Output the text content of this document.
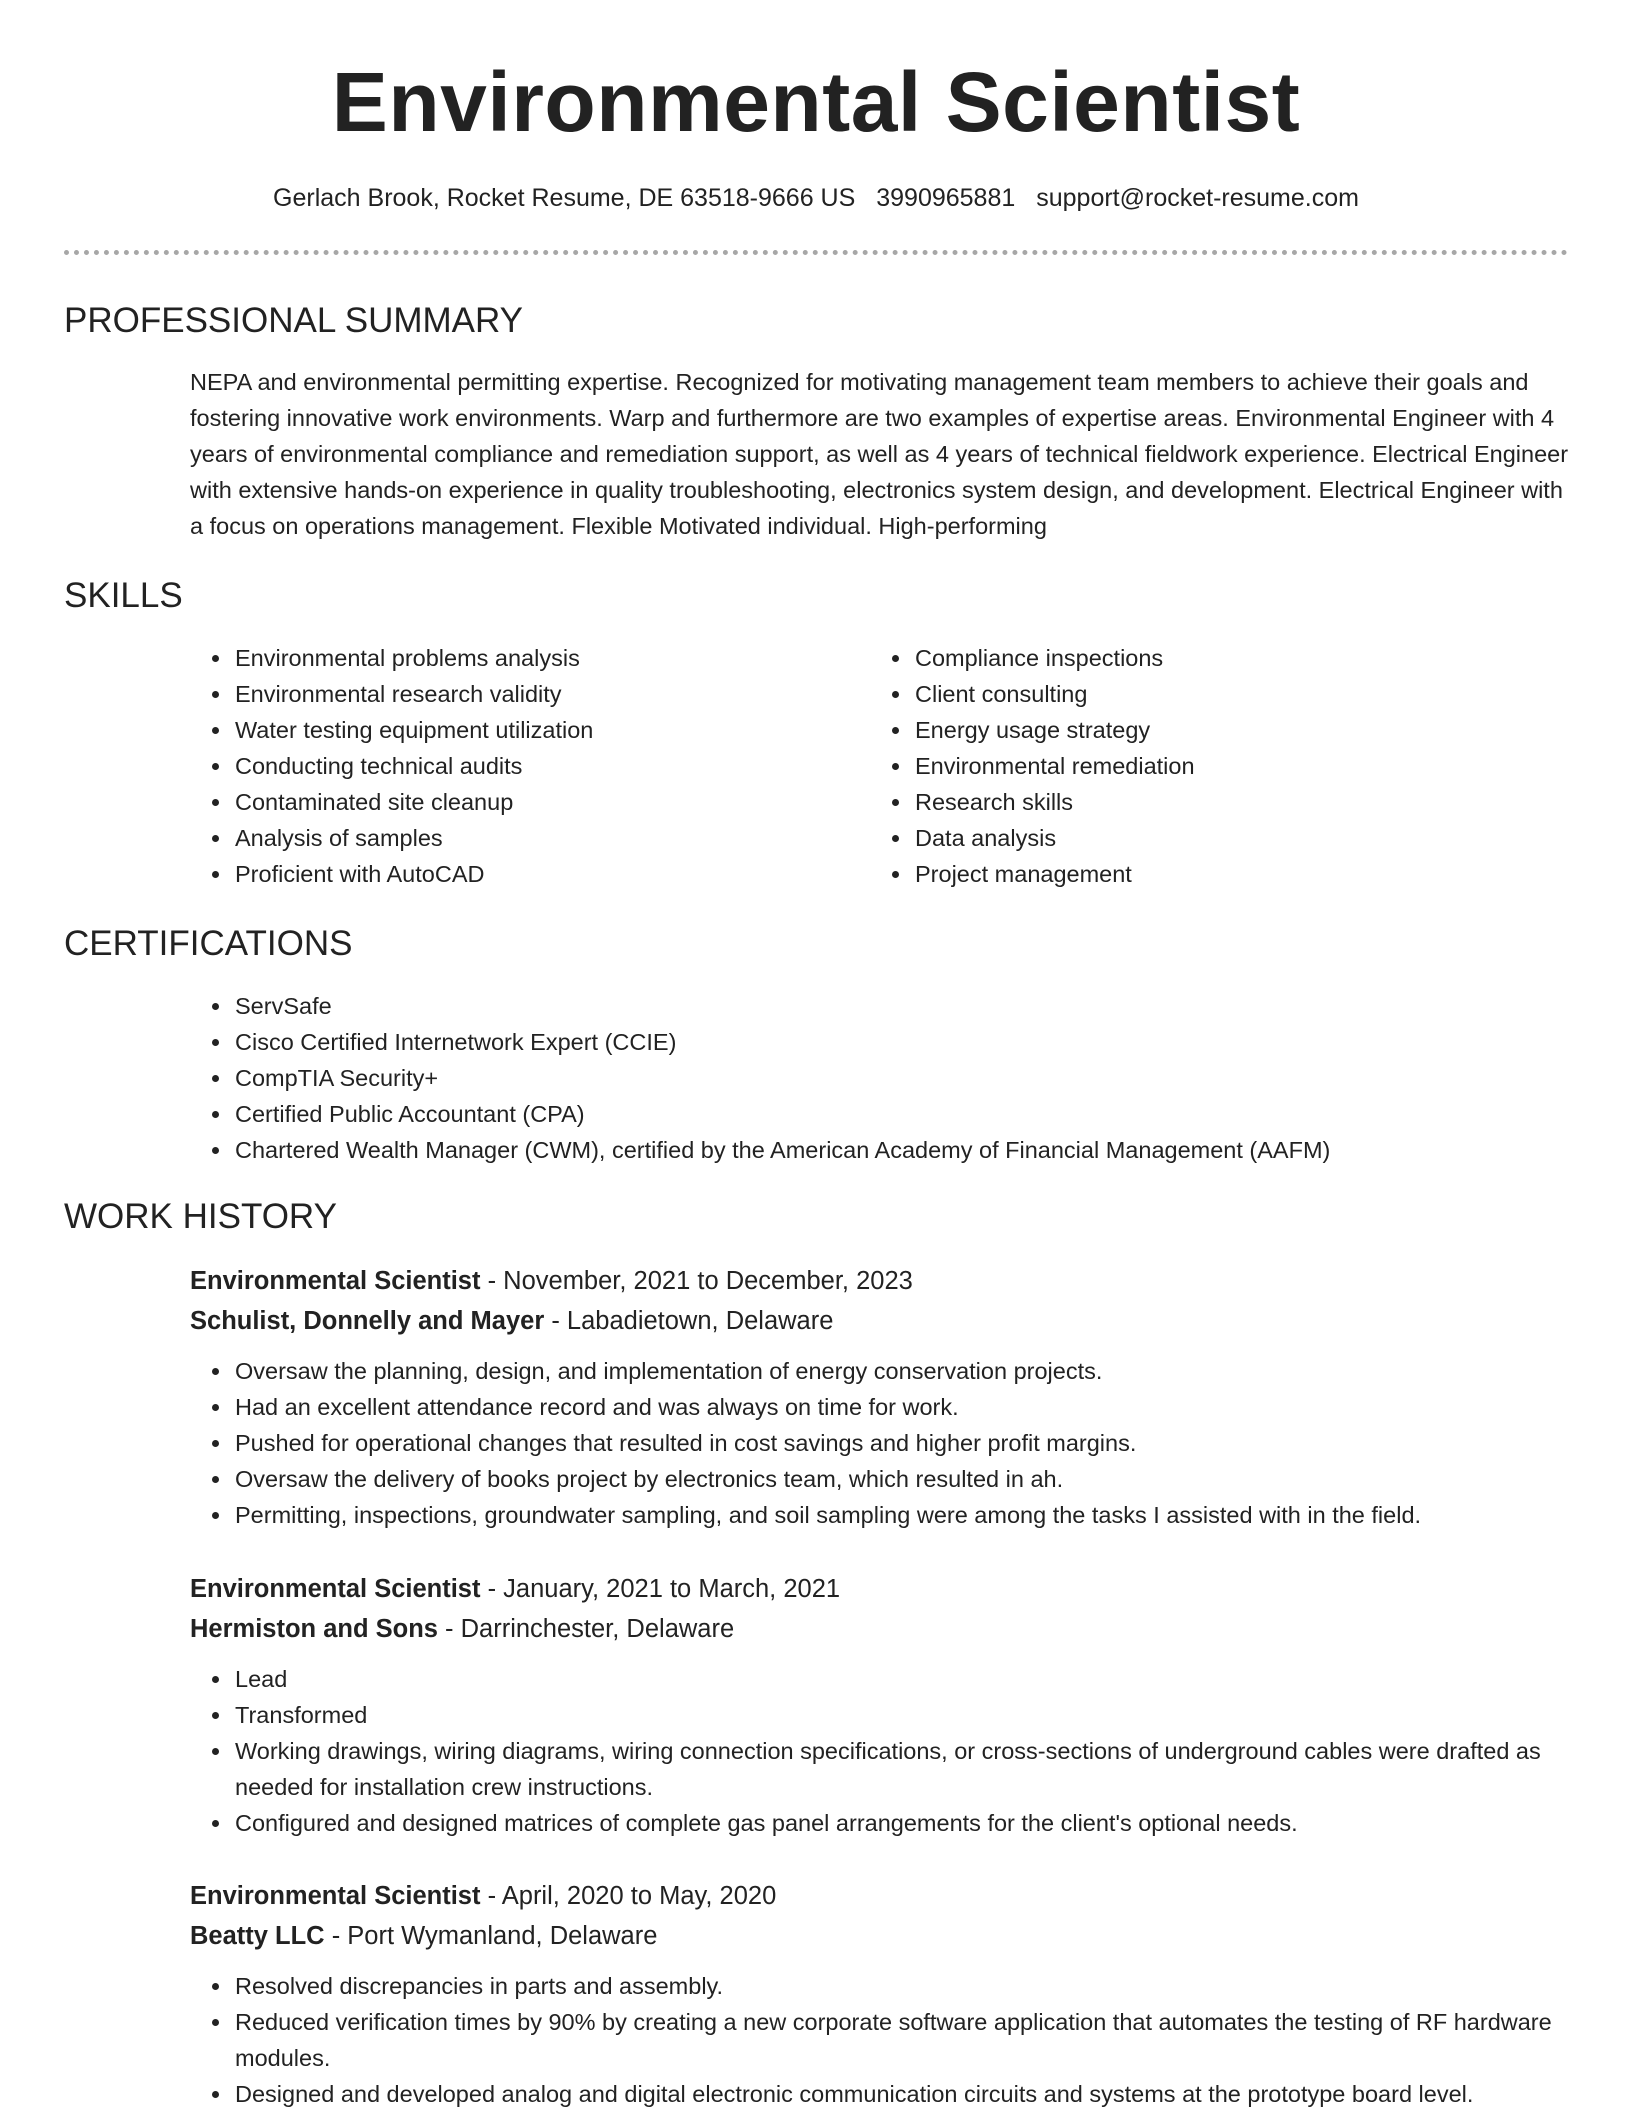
Environmental Scientist
Gerlach Brook, Rocket Resume, DE 63518-9666 US 3990965881 support@rocket-resume.com
PROFESSIONAL SUMMARY

NEPA and environmental permitting expertise. Recognized for motivating management team members to achieve their goals and fostering innovative work environments. Warp and furthermore are two examples of expertise areas. Environmental Engineer with 4 years of environmental compliance and remediation support, as well as 4 years of technical fieldwork experience. Electrical Engineer with extensive hands-on experience in quality troubleshooting, electronics system design, and development. Electrical Engineer with a focus on operations management. Flexible Motivated individual. High-performing

SKILLS
• Environmental problems analysis
• Environmental research validity
• Water testing equipment utilization
• Conducting technical audits
• Contaminated site cleanup
• Analysis of samples
• Proficient with AutoCAD
• Compliance inspections
• Client consulting
• Energy usage strategy
• Environmental remediation
• Research skills
• Data analysis
• Project management
CERTIFICATIONS
• ServSafe
• Cisco Certified Internetwork Expert (CCIE)
• CompTIA Security+
• Certified Public Accountant (CPA)
• Chartered Wealth Manager (CWM), certified by the American Academy of Financial Management (AAFM)
WORK HISTORY

Environmental Scientist - November, 2021 to December, 2023

Schulist, Donnelly and Mayer - Labadietown, Delaware

• Oversaw the planning, design, and implementation of energy conservation projects.
• Had an excellent attendance record and was always on time for work.
• Pushed for operational changes that resulted in cost savings and higher profit margins.
• Oversaw the delivery of books project by electronics team, which resulted in ah.
• Permitting, inspections, groundwater sampling, and soil sampling were among the tasks I assisted with in the field.

Environmental Scientist - January, 2021 to March, 2021

Hermiston and Sons - Darrinchester, Delaware

• Lead
• Transformed
• Working drawings, wiring diagrams, wiring connection specifications, or cross-sections of underground cables were drafted as needed for installation crew instructions.
• Configured and designed matrices of complete gas panel arrangements for the client's optional needs.

Environmental Scientist - April, 2020 to May, 2020

Beatty LLC - Port Wymanland, Delaware

• Resolved discrepancies in parts and assembly.
• Reduced verification times by 90% by creating a new corporate software application that automates the testing of RF hardware modules.
• Designed and developed analog and digital electronic communication circuits and systems at the prototype board level.
